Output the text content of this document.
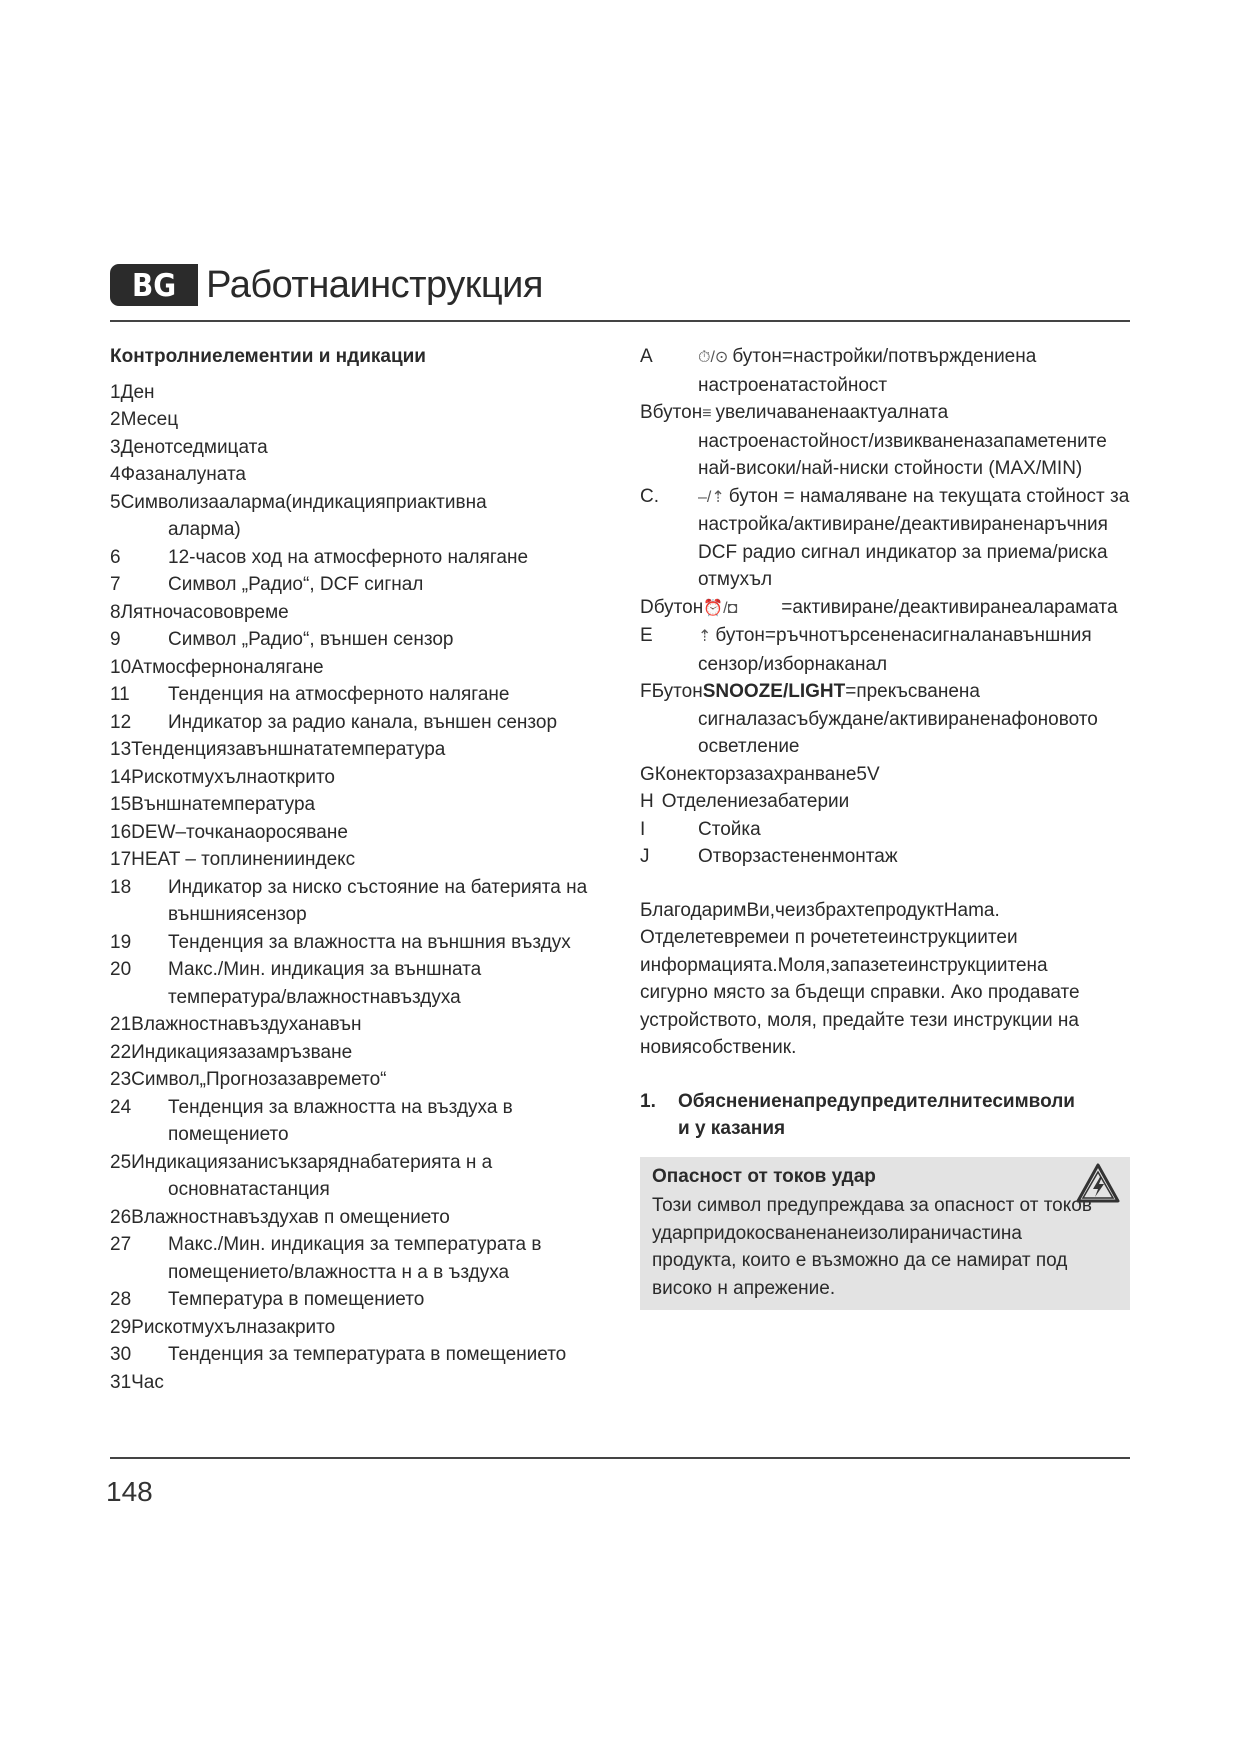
BG Работнаинструкция
Контролниелементии и ндикации
1 Ден
2 Месец
3 Денотседмицата
4 Фазаналуната
5 Символизааларма(индикацияприактивна
аларма)
6	12-часов ход на атмосферното налягане
7	Символ „Радио“, DCF сигнал
8 Лятночасововреме
9	Символ „Радио“, външен сензор
10 Атмосферноналягане
11	Тенденция на атмосферното налягане
12	Индикатор за радио канала, външен сензор
13 Тенденциязавъншнататемпература
14 Рискотмухълнаоткрито
15 Външнатемпература
16 DEW–точканаоросяване
17 HEAT – топлиненииндекс
18	Индикатор за ниско състояние на батерията на
външниясензор
19	Тенденция за влажността на външния въздух
20	Макс./Мин. индикация за външната
температура/влажностнавъздуха
21 Влажностнавъздуханавън
22 Индикациязазамръзване
23 Символ„Прогнозазавремето“
24	Тенденция за влажността на въздуха в
помещението
25 Индикациязанисъкзаряднабатерията н а
основнатастанция
26 Влажностнавъздухав п омещението
27	Макс./Мин. индикация за температурата в
помещението/влажността н а в ъздуха
28	Температура в помещението
29 Рискотмухълназакрито
30	Тенденция за температурата в помещението
31 Час
A	⏱/⊙ бутон=настройки/потвърждениена
настроенатастойност
Вбутон ≡ увеличаваненаактуалната
настроенастойност/извикваненазапаметените
най-високи/най-ниски стойности (MAX/MIN)
C.	–/⇡ бутон = намаляване на текущата стойност за
настройка/активиране/деактивираненаръчния
DCF радио сигнал индикатор за приема/риска
отмухъл
Dбутон ⏰/◘ =активиране/деактивиранеаларамата
E	⇡ бутон=ръчнотърсененасигналанавъншния
сензор/изборнаканал
FБутон SNOOZE/LIGHT=прекъсванена
сигналазасъбуждане/активираненафоновото
осветление
G Конекторзазахранване5V
H Отделениезабатерии
I	Стойка
J	Отворзастененмонтаж
БлагодаримВи,чеизбрахтепродуктHama.
Отделетевремеи п рочететеинструкциитеи
информацията.Моля,запазетеинструкциитена
сигурно място за бъдещи справки. Ако продавате
устройството, моля, предайте тези инструкции на
новиясобственик.
1.	Обяснениенапредупредителнитесимволи
и у казания
Опасност от токов удар
Този символ предупреждава за опасност от токов
ударпридокосваненанеизолираничастина
продукта, които е възможно да се намират под
високо н апрежение.
148
